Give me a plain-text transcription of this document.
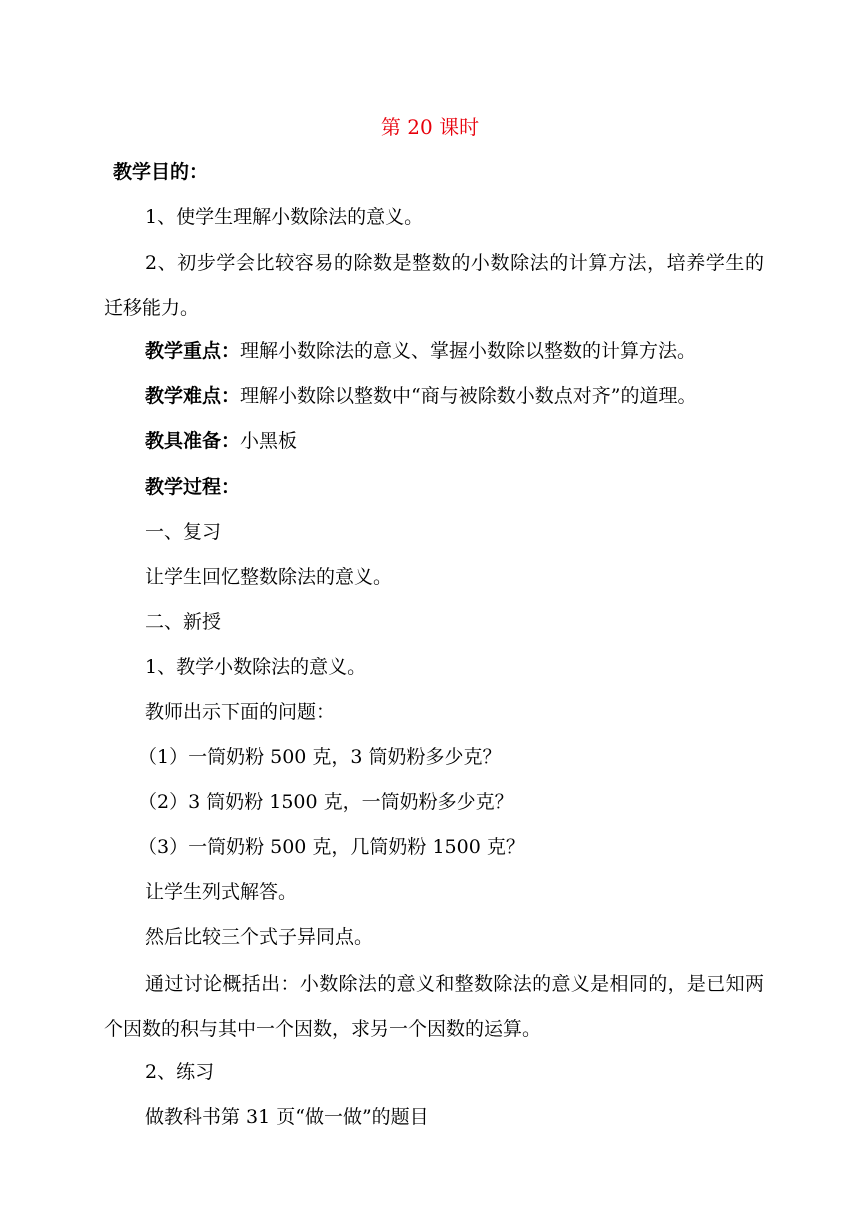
第 20 课时
教学目的：
1、使学生理解小数除法的意义。
2、初步学会比较容易的除数是整数的小数除法的计算方法，培养学生的迁移能力。
教学重点：理解小数除法的意义、掌握小数除以整数的计算方法。
教学难点：理解小数除以整数中“商与被除数小数点对齐”的道理。
教具准备：小黑板
教学过程：
一、复习
让学生回忆整数除法的意义。
二、新授
1、教学小数除法的意义。
教师出示下面的问题：
（1）一筒奶粉 500 克，3 筒奶粉多少克？
（2）3 筒奶粉 1500 克，一筒奶粉多少克？
（3）一筒奶粉 500 克，几筒奶粉 1500 克？
让学生列式解答。
然后比较三个式子异同点。
通过讨论概括出：小数除法的意义和整数除法的意义是相同的，是已知两个因数的积与其中一个因数，求另一个因数的运算。
2、练习
做教科书第 31 页“做一做”的题目
